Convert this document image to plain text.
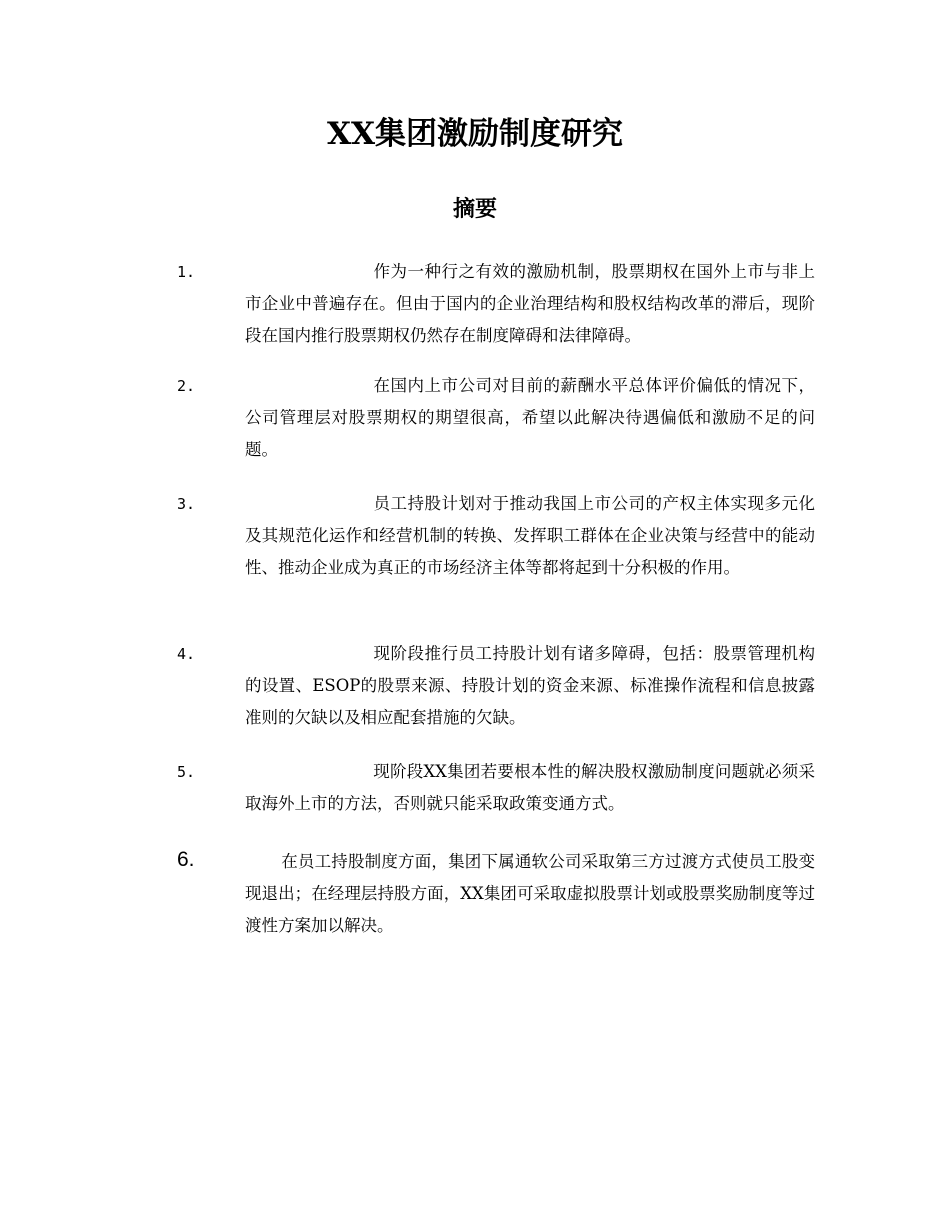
XX集团激励制度研究
摘要
1.	作为一种行之有效的激励机制，股票期权在国外上市与非上市企业中普遍存在。但由于国内的企业治理结构和股权结构改革的滞后，现阶段在国内推行股票期权仍然存在制度障碍和法律障碍。
2.	在国内上市公司对目前的薪酬水平总体评价偏低的情况下，公司管理层对股票期权的期望很高，希望以此解决待遇偏低和激励不足的问题。
3.	员工持股计划对于推动我国上市公司的产权主体实现多元化及其规范化运作和经营机制的转换、发挥职工群体在企业决策与经营中的能动性、推动企业成为真正的市场经济主体等都将起到十分积极的作用。
4.	现阶段推行员工持股计划有诸多障碍，包括：股票管理机构的设置、ESOP的股票来源、持股计划的资金来源、标准操作流程和信息披露准则的欠缺以及相应配套措施的欠缺。
5.	现阶段XX集团若要根本性的解决股权激励制度问题就必须采取海外上市的方法，否则就只能采取政策变通方式。
6.	在员工持股制度方面，集团下属通软公司采取第三方过渡方式使员工股变现退出；在经理层持股方面，XX集团可采取虚拟股票计划或股票奖励制度等过渡性方案加以解决。
